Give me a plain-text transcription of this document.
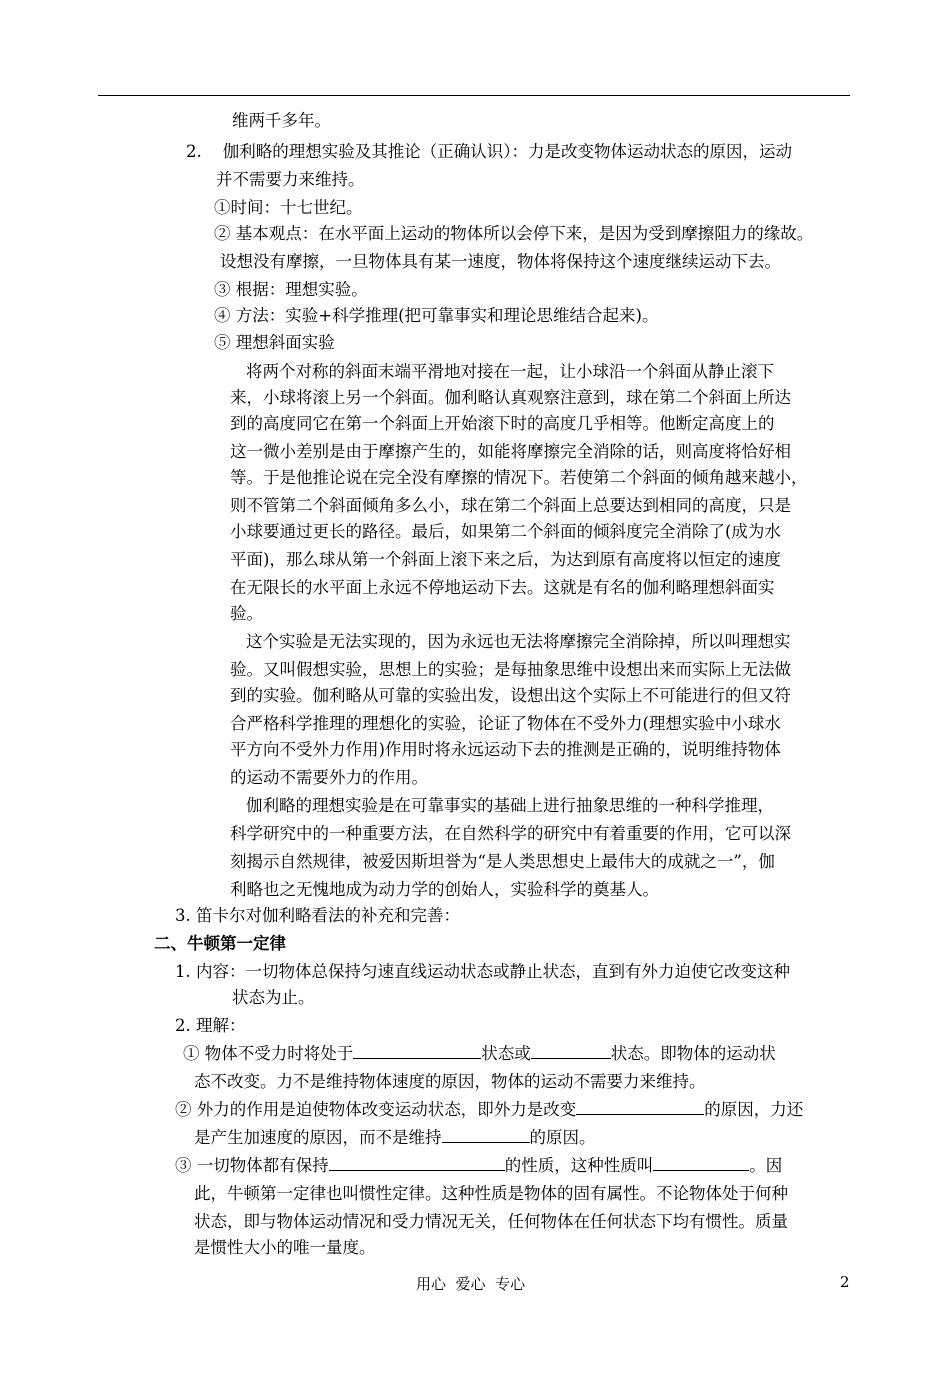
维两千多年。
2.    伽利略的理想实验及其推论（正确认识）：力是改变物体运动状态的原因，运动
并不需要力来维持。
①时间：十七世纪。
② 基本观点：在水平面上运动的物体所以会停下来，是因为受到摩擦阻力的缘故。
设想没有摩擦，一旦物体具有某一速度，物体将保持这个速度继续运动下去。
③ 根据：理想实验。
④ 方法：实验+科学推理(把可靠事实和理论思维结合起来)。
⑤ 理想斜面实验
将两个对称的斜面末端平滑地对接在一起，让小球沿一个斜面从静止滚下
来，小球将滚上另一个斜面。伽利略认真观察注意到，球在第二个斜面上所达
到的高度同它在第一个斜面上开始滚下时的高度几乎相等。他断定高度上的
这一微小差别是由于摩擦产生的，如能将摩擦完全消除的话，则高度将恰好相
等。于是他推论说在完全没有摩擦的情况下。若使第二个斜面的倾角越来越小，
则不管第二个斜面倾角多么小，球在第二个斜面上总要达到相同的高度，只是
小球要通过更长的路径。最后，如果第二个斜面的倾斜度完全消除了(成为水
平面)，那么球从第一个斜面上滚下来之后，为达到原有高度将以恒定的速度
在无限长的水平面上永远不停地运动下去。这就是有名的伽利略理想斜面实
验。
这个实验是无法实现的，因为永远也无法将摩擦完全消除掉，所以叫理想实
验。又叫假想实验，思想上的实验；是每抽象思维中设想出来而实际上无法做
到的实验。伽利略从可靠的实验出发，设想出这个实际上不可能进行的但又符
合严格科学推理的理想化的实验，论证了物体在不受外力(理想实验中小球水
平方向不受外力作用)作用时将永远运动下去的推测是正确的，说明维持物体
的运动不需要外力的作用。
伽利略的理想实验是在可靠事实的基础上进行抽象思维的一种科学推理，
科学研究中的一种重要方法，在自然科学的研究中有着重要的作用，它可以深
刻揭示自然规律，被爱因斯坦誉为“是人类思想史上最伟大的成就之一”，伽
利略也之无愧地成为动力学的创始人，实验科学的奠基人。
3. 笛卡尔对伽利略看法的补充和完善：
二、牛顿第一定律
1. 内容：一切物体总保持匀速直线运动状态或静止状态，直到有外力迫使它改变这种
状态为止。
2. 理解：
① 物体不受力时将处于	状态或	状态。即物体的运动状
态不改变。力不是维持物体速度的原因，物体的运动不需要力来维持。
② 外力的作用是迫使物体改变运动状态，即外力是改变	的原因，力还
是产生加速度的原因，而不是维持	的原因。
③ 一切物体都有保持	的性质，这种性质叫	。因
此，牛顿第一定律也叫惯性定律。这种性质是物体的固有属性。不论物体处于何种
状态，即与物体运动情况和受力情况无关，任何物体在任何状态下均有惯性。质量
是惯性大小的唯一量度。
用心  爱心  专心	2
